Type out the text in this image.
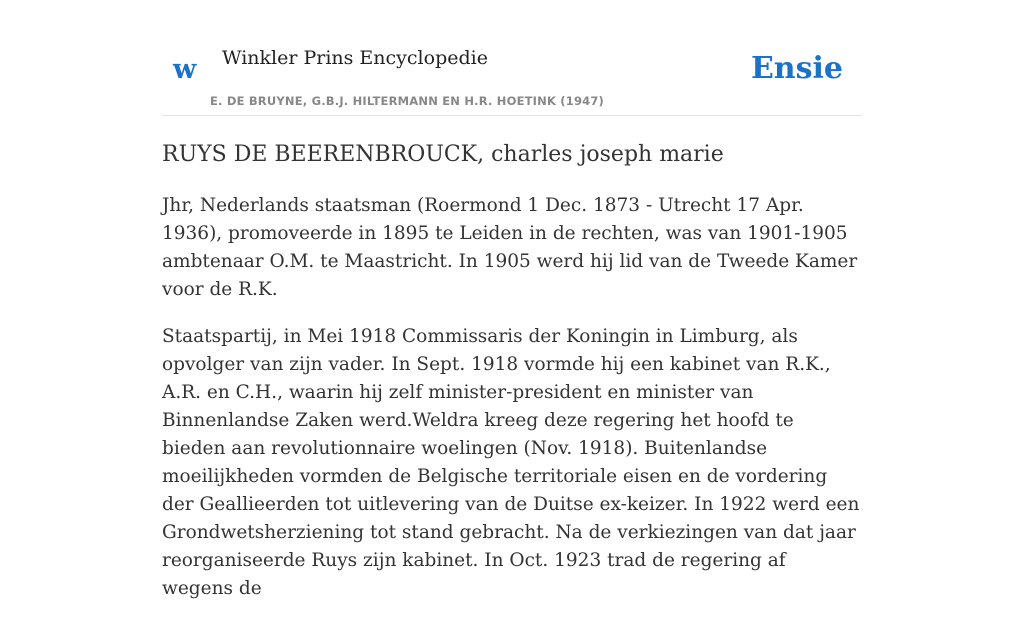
w Winkler Prins Encyclopedie
E. DE BRUYNE, G.B.J. HILTERMANN EN H.R. HOETINK (1947)
Ensie
RUYS DE BEERENBROUCK, charles joseph marie

Jhr, Nederlands staatsman (Roermond 1 Dec. 1873 - Utrecht 17 Apr. 1936), promoveerde in 1895 te Leiden in de rechten, was van 1901-1905 ambtenaar O.M. te Maastricht. In 1905 werd hij lid van de Tweede Kamer voor de R.K.

Staatspartij, in Mei 1918 Commissaris der Koningin in Limburg, als opvolger van zijn vader. In Sept. 1918 vormde hij een kabinet van R.K., A.R. en C.H., waarin hij zelf minister-president en minister van Binnenlandse Zaken werd.Weldra kreeg deze regering het hoofd te bieden aan revolutionnaire woelingen (Nov. 1918). Buitenlandse moeilijkheden vormden de Belgische territoriale eisen en de vordering der Geallieerden tot uitlevering van de Duitse ex-keizer. In 1922 werd een Grondwetsherziening tot stand gebracht. Na de verkiezingen van dat jaar reorganiseerde Ruys zijn kabinet. In Oct. 1923 trad de regering af wegens de
